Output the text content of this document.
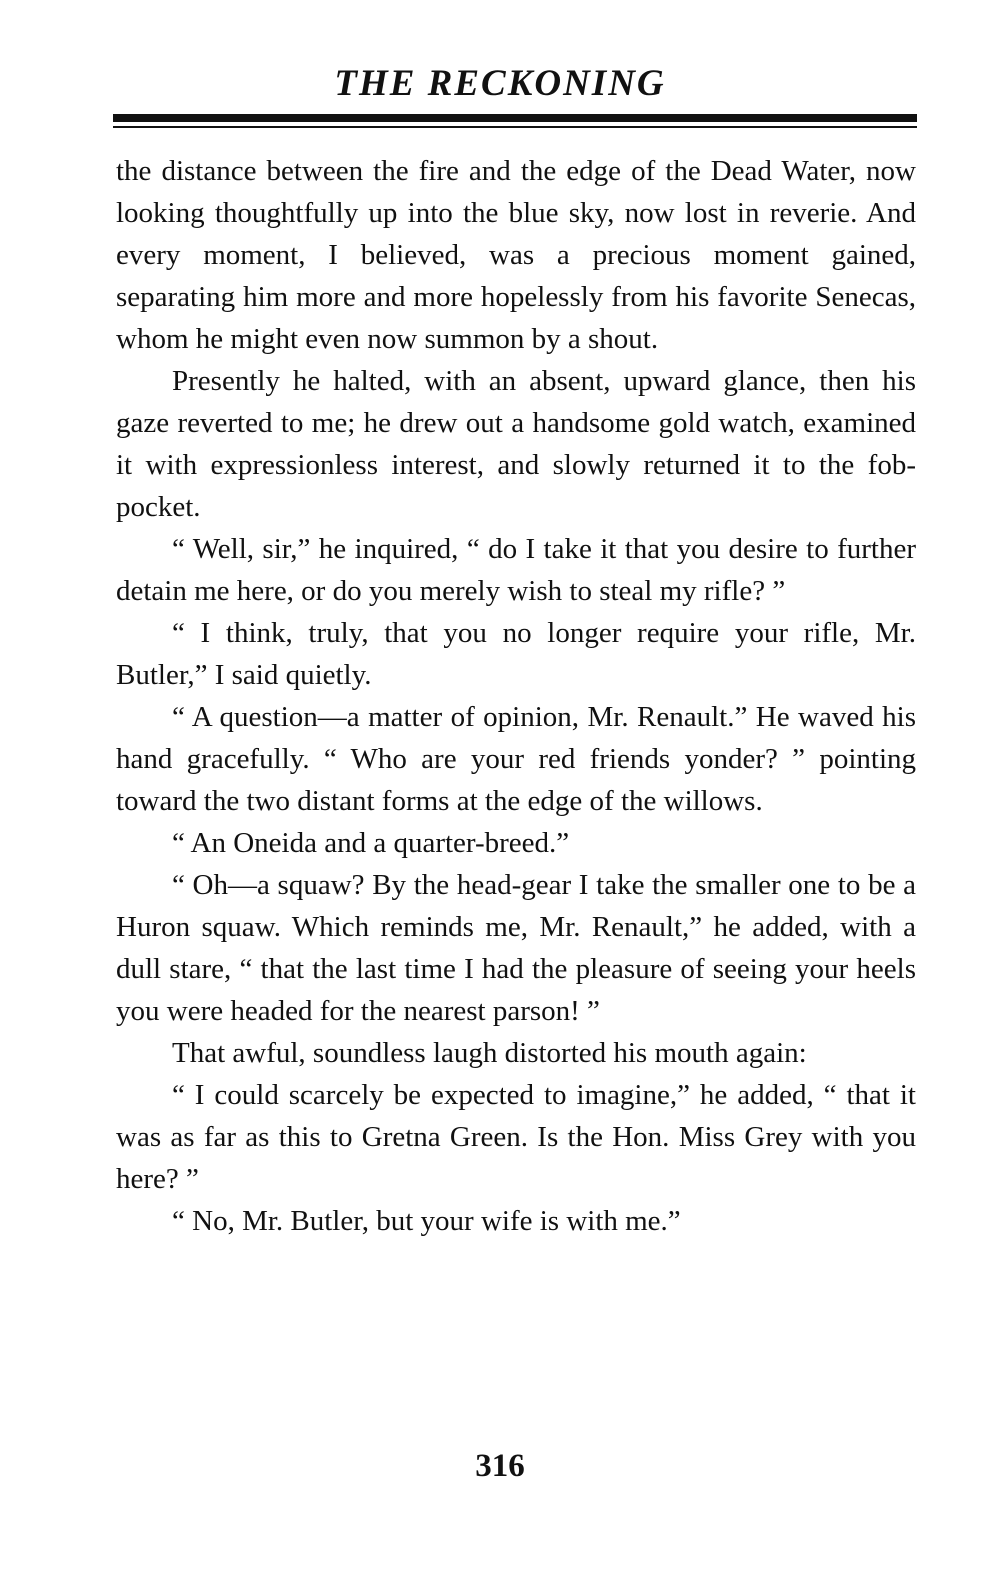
THE RECKONING

the distance between the fire and the edge of the Dead Water, now looking thoughtfully up into the blue sky, now lost in reverie. And every moment, I believed, was a precious moment gained, separating him more and more hopelessly from his favorite Senecas, whom he might even now summon by a shout.

Presently he halted, with an absent, upward glance, then his gaze reverted to me; he drew out a handsome gold watch, examined it with expressionless interest, and slowly returned it to the fob-pocket.

“ Well, sir,” he inquired, “ do I take it that you desire to further detain me here, or do you merely wish to steal my rifle? ”

“ I think, truly, that you no longer require your rifle, Mr. Butler,” I said quietly.

“ A question—a matter of opinion, Mr. Renault.” He waved his hand gracefully. “ Who are your red friends yonder? ” pointing toward the two distant forms at the edge of the willows.

“ An Oneida and a quarter-breed.”

“ Oh—a squaw? By the head-gear I take the smaller one to be a Huron squaw. Which reminds me, Mr. Renault,” he added, with a dull stare, “ that the last time I had the pleasure of seeing your heels you were headed for the nearest parson! ”

That awful, soundless laugh distorted his mouth again:

“ I could scarcely be expected to imagine,” he added, “ that it was as far as this to Gretna Green. Is the Hon. Miss Grey with you here? ”

“ No, Mr. Butler, but your wife is with me.”

316
